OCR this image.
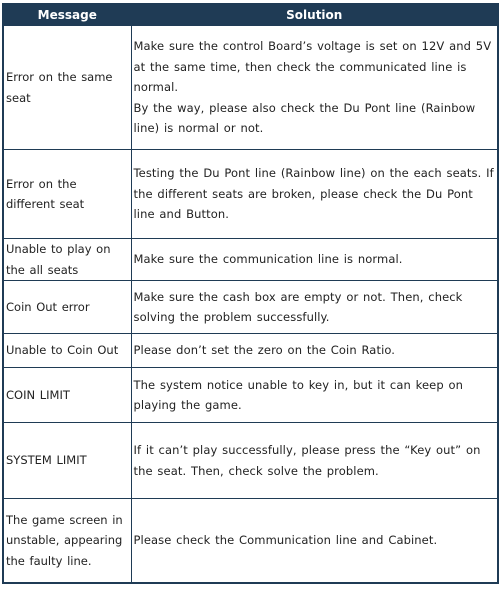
Message	Solution
Error on the same seat	Make sure the control Board’s voltage is set on 12V and 5V at the same time, then check the communicated line is normal.
By the way, please also check the Du Pont line (Rainbow line) is normal or not.

Error on the different seat	Testing the Du Pont line (Rainbow line) on the each seats. If the different seats are broken, please check the Du Pont line and Button.

Unable to play on the all seats	Make sure the communication line is normal.

Coin Out error	Make sure the cash box are empty or not. Then, check solving the problem successfully.

Unable to Coin Out	Please don’t set the zero on the Coin Ratio.

COIN LIMIT	The system notice unable to key in, but it can keep on playing the game.

SYSTEM LIMIT	If it can’t play successfully, please press the “Key out” on the seat. Then, check solve the problem.

The game screen in unstable, appearing the faulty line.	Please check the Communication line and Cabinet.
